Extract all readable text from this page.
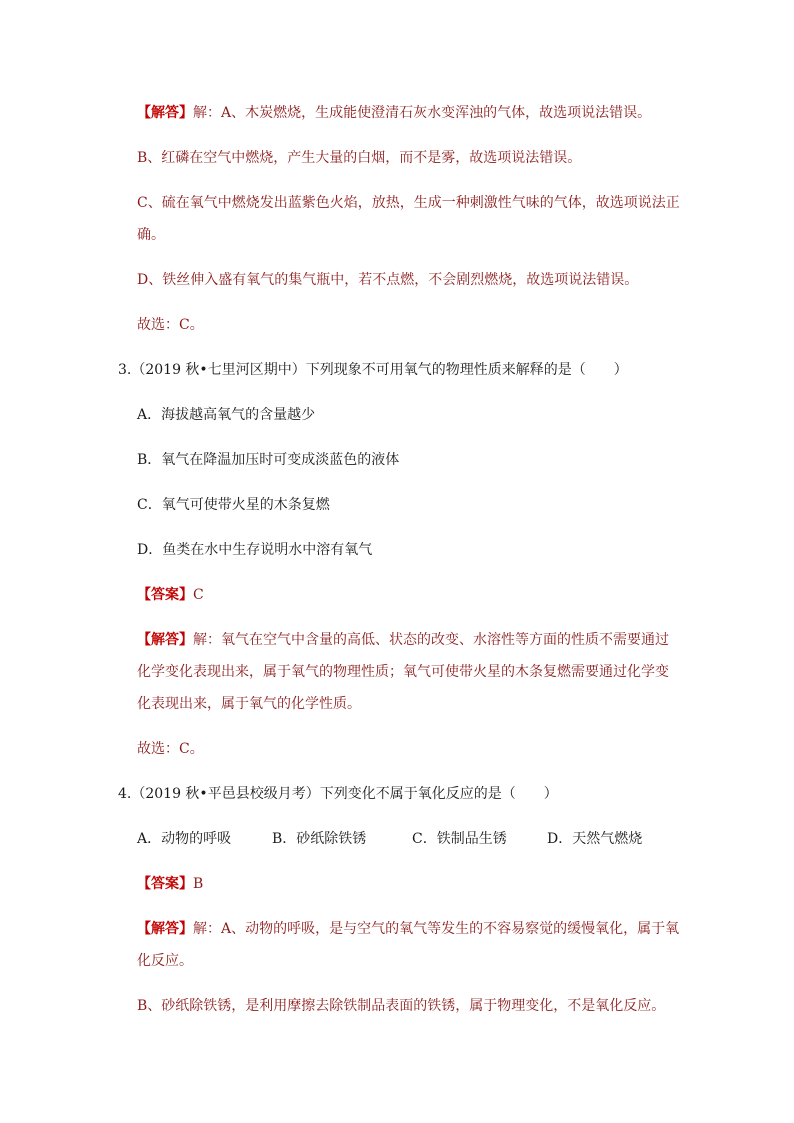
【解答】解：A、木炭燃烧，生成能使澄清石灰水变浑浊的气体，故选项说法错误。
B、红磷在空气中燃烧，产生大量的白烟，而不是雾，故选项说法错误。
C、硫在氧气中燃烧发出蓝紫色火焰，放热，生成一种刺激性气味的气体，故选项说法正
确。
D、铁丝伸入盛有氧气的集气瓶中，若不点燃，不会剧烈燃烧，故选项说法错误。
故选：C。
3.（2019 秋•七里河区期中）下列现象不可用氧气的物理性质来解释的是（　　）
A．海拔越高氧气的含量越少
B．氧气在降温加压时可变成淡蓝色的液体
C．氧气可使带火星的木条复燃
D．鱼类在水中生存说明水中溶有氧气
【答案】C
【解答】解：氧气在空气中含量的高低、状态的改变、水溶性等方面的性质不需要通过
化学变化表现出来，属于氧气的物理性质；氧气可使带火星的木条复燃需要通过化学变
化表现出来，属于氧气的化学性质。
故选：C。
4.（2019 秋•平邑县校级月考）下列变化不属于氧化反应的是（　　）
A．动物的呼吸	B．砂纸除铁锈	C．铁制品生锈	D．天然气燃烧
【答案】B
【解答】解：A、动物的呼吸，是与空气的氧气等发生的不容易察觉的缓慢氧化，属于氧
化反应。
B、砂纸除铁锈，是利用摩擦去除铁制品表面的铁锈，属于物理变化，不是氧化反应。
